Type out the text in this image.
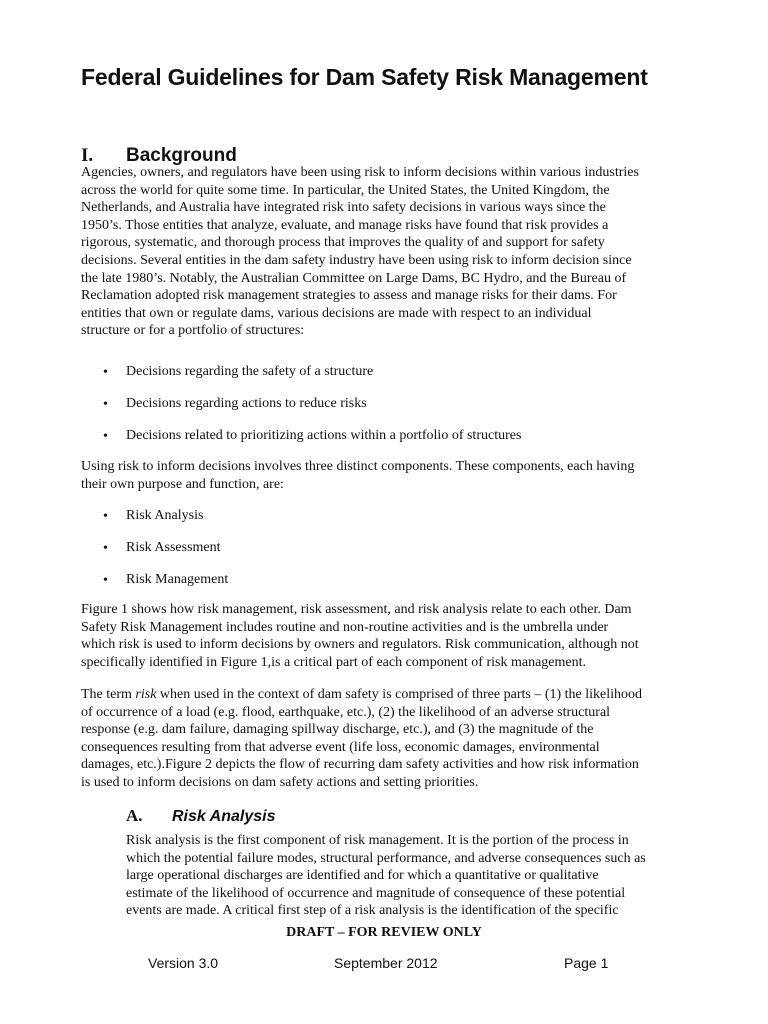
Federal Guidelines for Dam Safety Risk Management
I. Background

Agencies, owners, and regulators have been using risk to inform decisions within various industries
across the world for quite some time. In particular, the United States, the United Kingdom, the
Netherlands, and Australia have integrated risk into safety decisions in various ways since the
1950’s. Those entities that analyze, evaluate, and manage risks have found that risk provides a
rigorous, systematic, and thorough process that improves the quality of and support for safety
decisions. Several entities in the dam safety industry have been using risk to inform decision since
the late 1980’s. Notably, the Australian Committee on Large Dams, BC Hydro, and the Bureau of
Reclamation adopted risk management strategies to assess and manage risks for their dams. For
entities that own or regulate dams, various decisions are made with respect to an individual
structure or for a portfolio of structures:

• Decisions regarding the safety of a structure
• Decisions regarding actions to reduce risks
• Decisions related to prioritizing actions within a portfolio of structures

Using risk to inform decisions involves three distinct components. These components, each having
their own purpose and function, are:

• Risk Analysis
• Risk Assessment
• Risk Management

Figure 1 shows how risk management, risk assessment, and risk analysis relate to each other. Dam
Safety Risk Management includes routine and non-routine activities and is the umbrella under
which risk is used to inform decisions by owners and regulators. Risk communication, although not
specifically identified in Figure 1,is a critical part of each component of risk management.

The term risk when used in the context of dam safety is comprised of three parts – (1) the likelihood
of occurrence of a load (e.g. flood, earthquake, etc.), (2) the likelihood of an adverse structural
response (e.g. dam failure, damaging spillway discharge, etc.), and (3) the magnitude of the
consequences resulting from that adverse event (life loss, economic damages, environmental
damages, etc.).Figure 2 depicts the flow of recurring dam safety activities and how risk information
is used to inform decisions on dam safety actions and setting priorities.

A. Risk Analysis

Risk analysis is the first component of risk management. It is the portion of the process in
which the potential failure modes, structural performance, and adverse consequences such as
large operational discharges are identified and for which a quantitative or qualitative
estimate of the likelihood of occurrence and magnitude of consequence of these potential
events are made. A critical first step of a risk analysis is the identification of the specific

DRAFT – FOR REVIEW ONLY

Version 3.0	September 2012	Page 1
